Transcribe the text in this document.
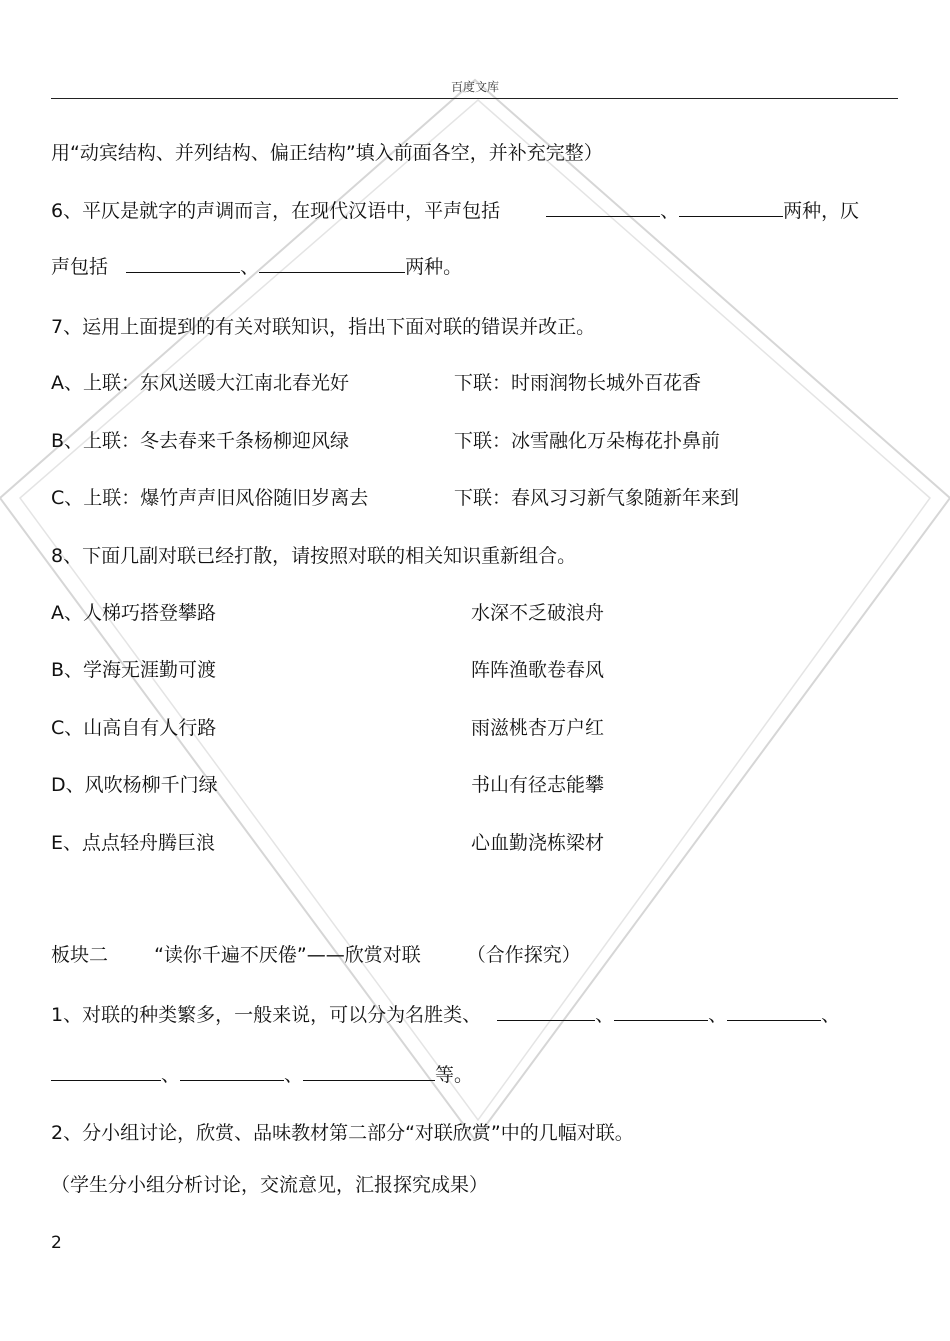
百度文库
用“动宾结构、并列结构、偏正结构”填入前面各空，并补充完整）
6、平仄是就字的声调而言，在现代汉语中，平声包括	、	两种，仄
声包括	、	两种。
7、运用上面提到的有关对联知识，指出下面对联的错误并改正。
A、上联：东风送暖大江南北春光好	下联：时雨润物长城外百花香
B、上联：冬去春来千条杨柳迎风绿	下联：冰雪融化万朵梅花扑鼻前
C、上联：爆竹声声旧风俗随旧岁离去	下联：春风习习新气象随新年来到
8、下面几副对联已经打散，请按照对联的相关知识重新组合。
A、人梯巧搭登攀路	水深不乏破浪舟
B、学海无涯勤可渡	阵阵渔歌卷春风
C、山高自有人行路	雨滋桃杏万户红
D、风吹杨柳千门绿	书山有径志能攀
E、点点轻舟腾巨浪	心血勤浇栋梁材
板块二 “读你千遍不厌倦”——欣赏对联 （合作探究）
1、对联的种类繁多，一般来说，可以分为名胜类、	、	、	、
、	、	等。
2、分小组讨论，欣赏、品味教材第二部分“对联欣赏”中的几幅对联。
（学生分小组分析讨论，交流意见，汇报探究成果）
2
